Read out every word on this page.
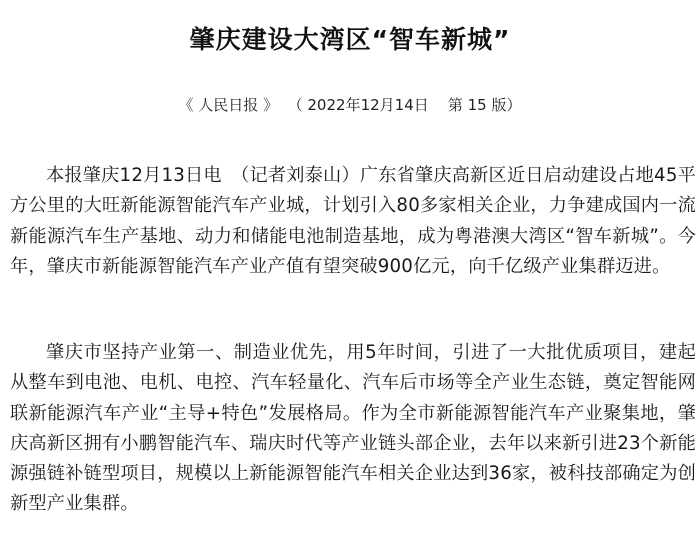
肇庆建设大湾区“智车新城”
《 人民日报 》 （ 2022年12月14日 第 15 版）

本报肇庆12月13日电　（记者刘泰山）广东省肇庆高新区近日启动建设占地45平方公里的大旺新能源智能汽车产业城，计划引入80多家相关企业，力争建成国内一流新能源汽车生产基地、动力和储能电池制造基地，成为粤港澳大湾区“智车新城”。今年，肇庆市新能源智能汽车产业产值有望突破900亿元，向千亿级产业集群迈进。

肇庆市坚持产业第一、制造业优先，用5年时间，引进了一大批优质项目，建起从整车到电池、电机、电控、汽车轻量化、汽车后市场等全产业生态链，奠定智能网联新能源汽车产业“主导+特色”发展格局。作为全市新能源智能汽车产业聚集地，肇庆高新区拥有小鹏智能汽车、瑞庆时代等产业链头部企业，去年以来新引进23个新能源强链补链型项目，规模以上新能源智能汽车相关企业达到36家，被科技部确定为创新型产业集群。
